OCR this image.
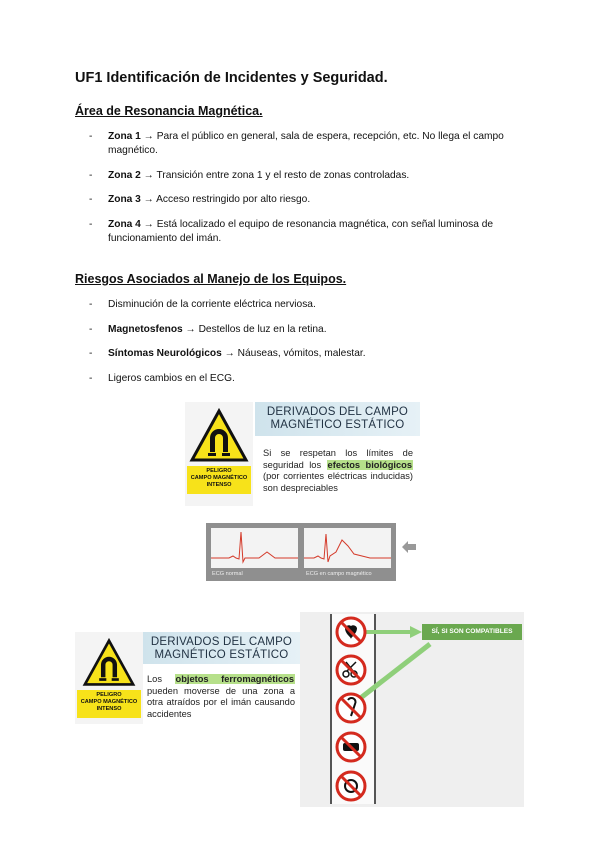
UF1 Identificación de Incidentes y Seguridad.
Área de Resonancia Magnética.
- Zona 1 → Para el público en general, sala de espera, recepción, etc. No llega el campo magnético.
- Zona 2 → Transición entre zona 1 y el resto de zonas controladas.
- Zona 3 → Acceso restringido por alto riesgo.
- Zona 4 → Está localizado el equipo de resonancia magnética, con señal luminosa de funcionamiento del imán.
Riesgos Asociados al Manejo de los Equipos.
- Disminución de la corriente eléctrica nerviosa.
- Magnetosfenos → Destellos de luz en la retina.
- Síntomas Neurológicos → Náuseas, vómitos, malestar.
- Ligeros cambios en el ECG.
PELIGRO
CAMPO MAGNÉTICO
INTENSO
DERIVADOS DEL CAMPO
MAGNÉTICO ESTÁTICO
Si se respetan los límites de seguridad los efectos biológicos (por corrientes eléctricas inducidas) son despreciables
ECG normal	ECG en campo magnético
PELIGRO
CAMPO MAGNÉTICO
INTENSO
DERIVADOS DEL CAMPO
MAGNÉTICO ESTÁTICO
Los objetos ferromagnéticos pueden moverse de una zona a otra atraídos por el imán causando accidentes
SÍ, SI SON COMPATIBLES
